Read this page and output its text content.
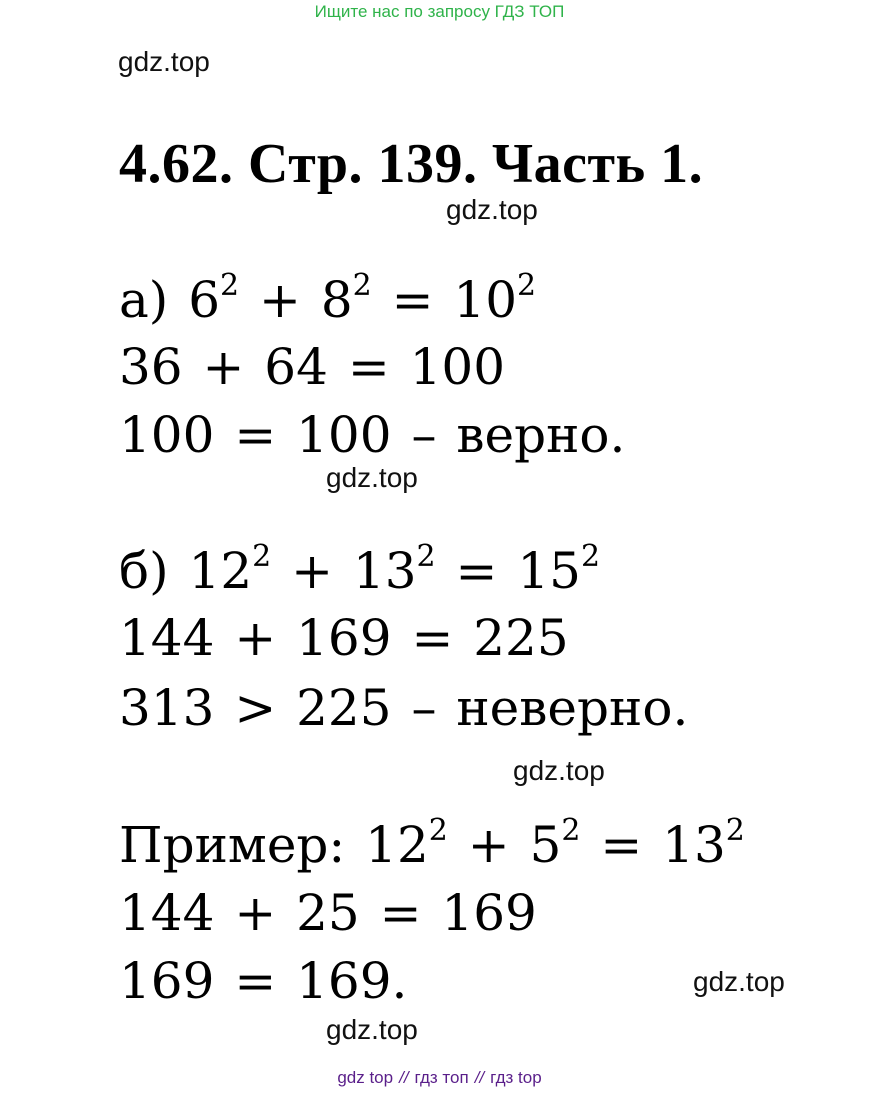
Ищите нас по запросу ГДЗ ТОП
gdz.top
4.62. Стр. 139. Часть 1.
gdz.top
а) $6^2 + 8^2 = 10^2$
36 + 64 = 100
100 = 100 – верно.
gdz.top
б) $12^2 + 13^2 = 15^2$
144 + 169 = 225
313 > 225 – неверно.
gdz.top
Пример: $12^2 + 5^2 = 13^2$
144 + 25 = 169
169 = 169.	gdz.top
gdz.top
gdz top // гдз топ // гдз top
